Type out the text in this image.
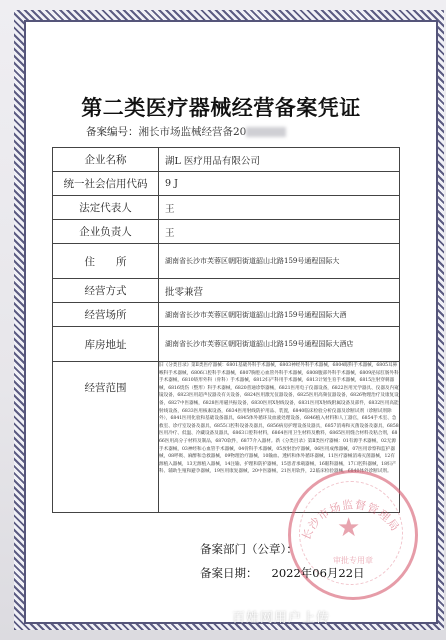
第二类医疗器械经营备案凭证
备案编号：湘长市场监械经营备20
企业名称	湖L 医疗用品有限公司
统一社会信用代码	9 J
法定代表人	王
企业负责人	王
住　　所	湖南省长沙市芙蓉区朝阳街道韶山北路159号通程国际大
经营方式	批零兼营
经营场所	湖南省长沙市芙蓉区朝阳街道韶山北路159号通程国际大酒
库房地址	湖南省长沙市芙蓉区朝阳街道韶山北路159号通程国际大酒店
经营范围	旧《分类目录》第Ⅱ类医疗器械：6801基础外科手术器械，6803神经外科手术器械，6804眼科手术器械，6805耳鼻喉科手术器械，6806口腔科手术器械，6807胸腔心血管外科手术器械，6808腹部外科手术器械，6809泌尿肛肠外科手术器械，6810矫形外科（骨科）手术器械，6812妇产科用手术器械，6813计划生育手术器械，6815注射穿刺器械，6816烧伤（整形）科手术器械，6820普通诊察器械，6821医用电子仪器设备，6822医用光学器具、仪器及内窥镜设备，6823医用超声仪器及有关设备，6824医用激光仪器设备，6825医用高频仪器设备，6826物理治疗及康复设备，6827中医器械，6828医用磁共振设备，6830医用X射线设备，6831医用X射线附属设备及部件，6832医用高能射线设备，6833医用核素设备，6834医用射线防护用品、装置，6840临床检验分析仪器及诊断试剂（诊断试剂除外），6841医用化验和基础设备器具，6845体外循环及血液处理设备，6846植入材料和人工器官，6854手术室、急救室、诊疗室设备及器具，6855口腔科设备及器具，6856病房护理设备及器具，6857消毒和灭菌设备及器具，6858医用冷疗、低温、冷藏设备及器具，6863口腔科材料，6864医用卫生材料及敷料，6865医用缝合材料及粘合剂，6866医用高分子材料及制品，6870软件，6877介入器材。新《分类目录》第Ⅱ类医疗器械：01有源手术器械，02无源手术器械，03神经和心血管手术器械，04骨科手术器械，05放射治疗器械，06医用成像器械，07医用诊察和监护器械，08呼吸、麻醉和急救器械，09物理治疗器械，10输血、透析和体外循环器械，11医疗器械消毒灭菌器械，12有源植入器械，13无源植入器械，14注输、护理和防护器械，15患者承载器械，16眼科器械，17口腔科器械，18妇产科、辅助生殖和避孕器械，19医用康复器械，20中医器械，21医用软件，22临床检验器械，6840体外诊断试剂。
★
长沙市场监督管理局
审批专用章
备案部门（公章）：
备案日期： 2022年06月22日
百姓网用户上传
